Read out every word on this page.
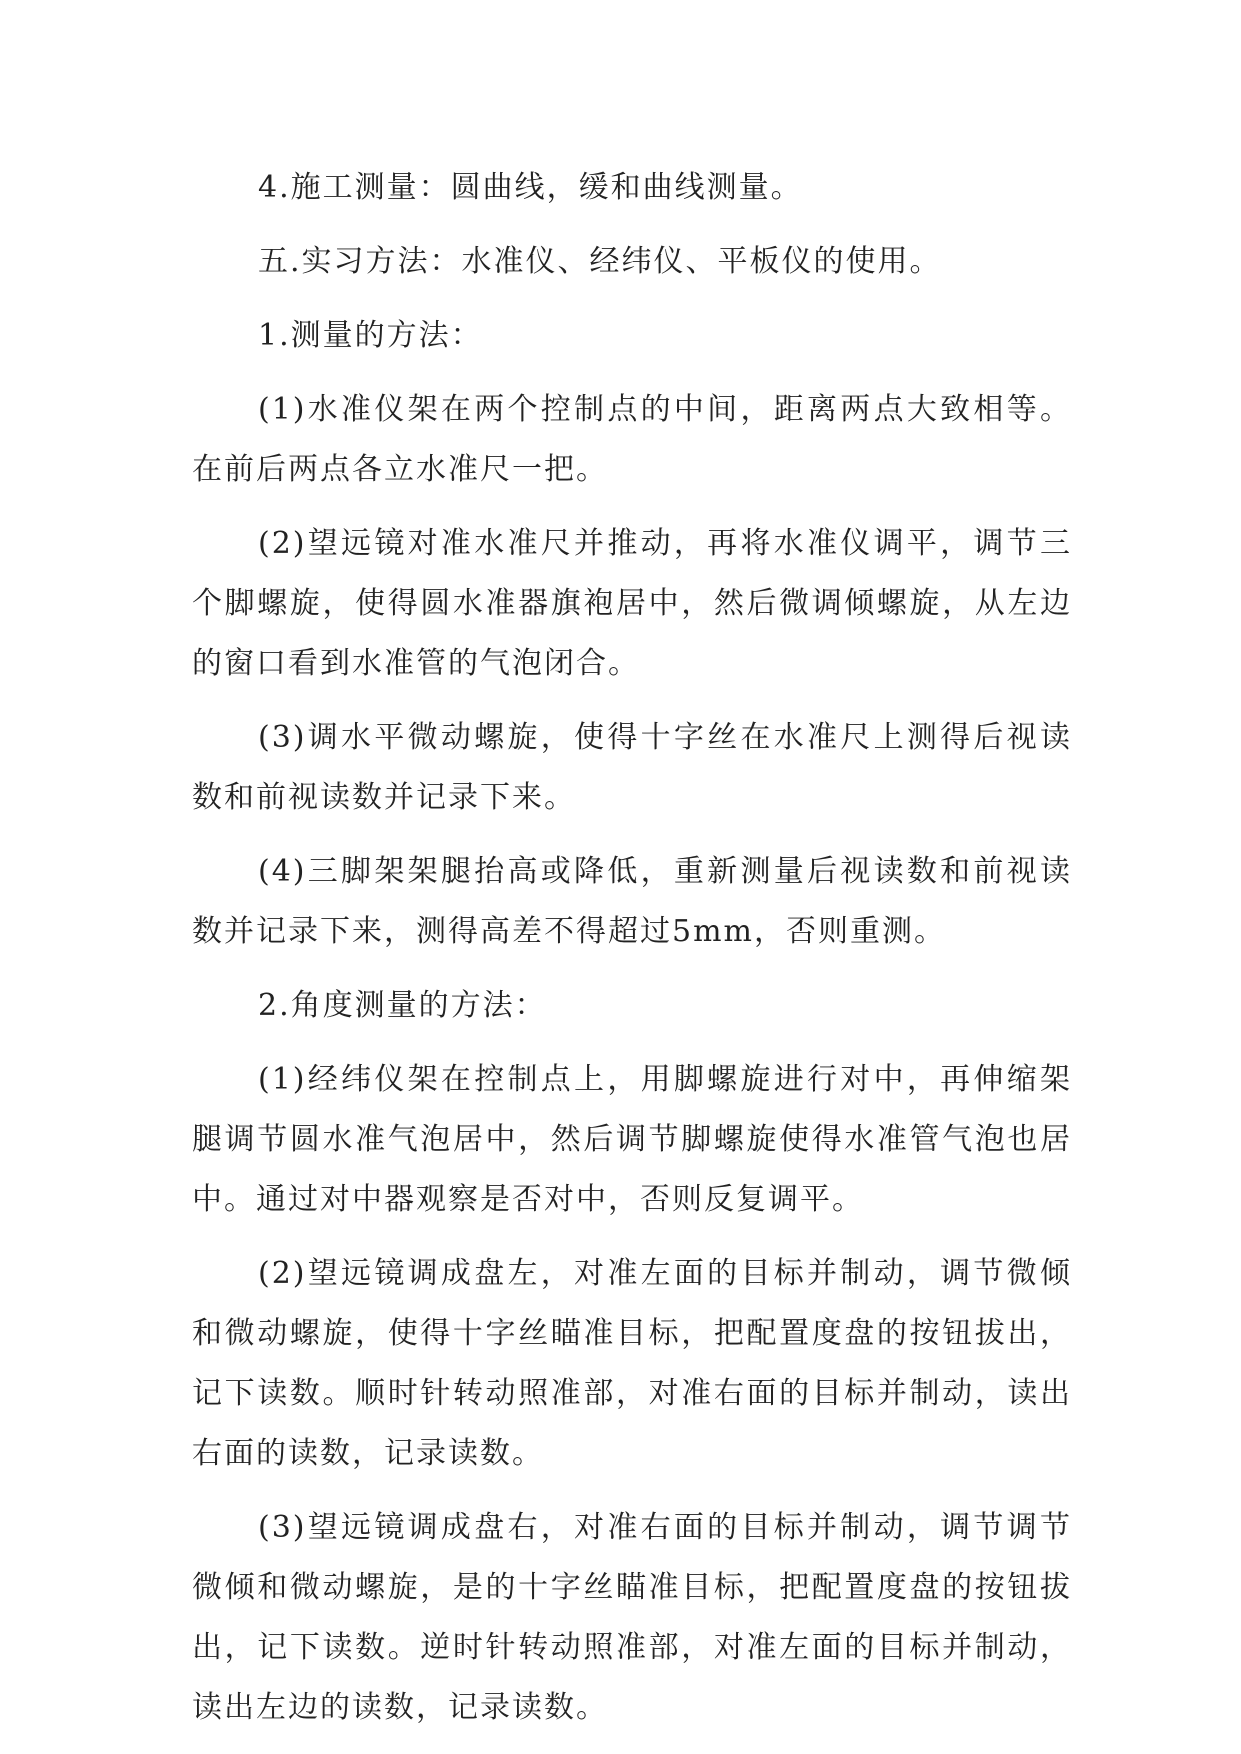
4.施工测量：圆曲线，缓和曲线测量。

五.实习方法：水准仪、经纬仪、平板仪的使用。

1.测量的方法：

(1)水准仪架在两个控制点的中间，距离两点大致相等。在前后两点各立水准尺一把。

(2)望远镜对准水准尺并推动，再将水准仪调平，调节三个脚螺旋，使得圆水准器旗袍居中，然后微调倾螺旋，从左边的窗口看到水准管的气泡闭合。

(3)调水平微动螺旋，使得十字丝在水准尺上测得后视读数和前视读数并记录下来。

(4)三脚架架腿抬高或降低，重新测量后视读数和前视读数并记录下来，测得高差不得超过5mm，否则重测。

2.角度测量的方法：

(1)经纬仪架在控制点上，用脚螺旋进行对中，再伸缩架腿调节圆水准气泡居中，然后调节脚螺旋使得水准管气泡也居中。通过对中器观察是否对中，否则反复调平。

(2)望远镜调成盘左，对准左面的目标并制动，调节微倾和微动螺旋，使得十字丝瞄准目标，把配置度盘的按钮拔出，记下读数。顺时针转动照准部，对准右面的目标并制动，读出右面的读数，记录读数。

(3)望远镜调成盘右，对准右面的目标并制动，调节调节微倾和微动螺旋，是的十字丝瞄准目标，把配置度盘的按钮拔出，记下读数。逆时针转动照准部，对准左面的目标并制动，读出左边的读数，记录读数。
